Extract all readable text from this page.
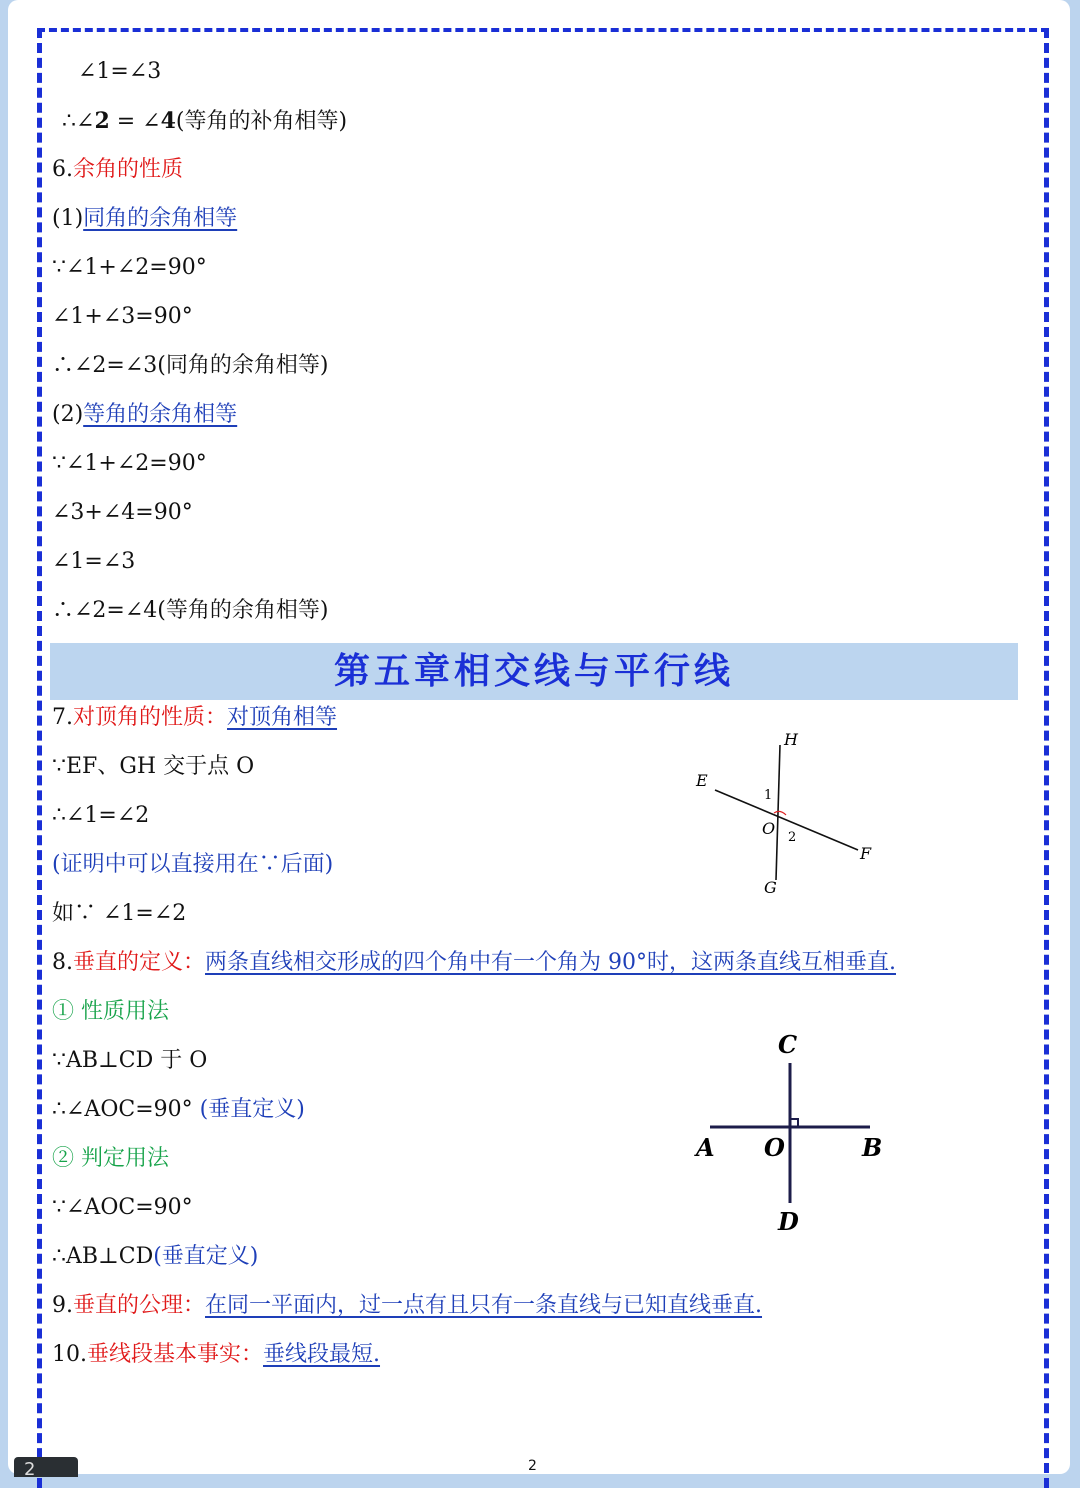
∠1=∠3
∴∠2 = ∠4(等角的补角相等)
6.余角的性质
(1)同角的余角相等
∵∠1+∠2=90°
∠1+∠3=90°
∴∠2=∠3(同角的余角相等)
(2)等角的余角相等
∵∠1+∠2=90°
∠3+∠4=90°
∠1=∠3
∴∠2=∠4(等角的余角相等)
第五章相交线与平行线
7.对顶角的性质：对顶角相等
∵EF、GH 交于点 O
∴∠1=∠2
(证明中可以直接用在∵后面)
如∵ ∠1=∠2
H
E
1
O 2
F
G
8.垂直的定义：两条直线相交形成的四个角中有一个角为 90°时，这两条直线互相垂直.
① 性质用法
∵AB⊥CD 于 O
∴∠AOC=90° (垂直定义)
② 判定用法
∵∠AOC=90°
∴AB⊥CD(垂直定义)
C
A O	B
D
9.垂直的公理：在同一平面内，过一点有且只有一条直线与已知直线垂直.
10.垂线段基本事实：垂线段最短.
2	2
